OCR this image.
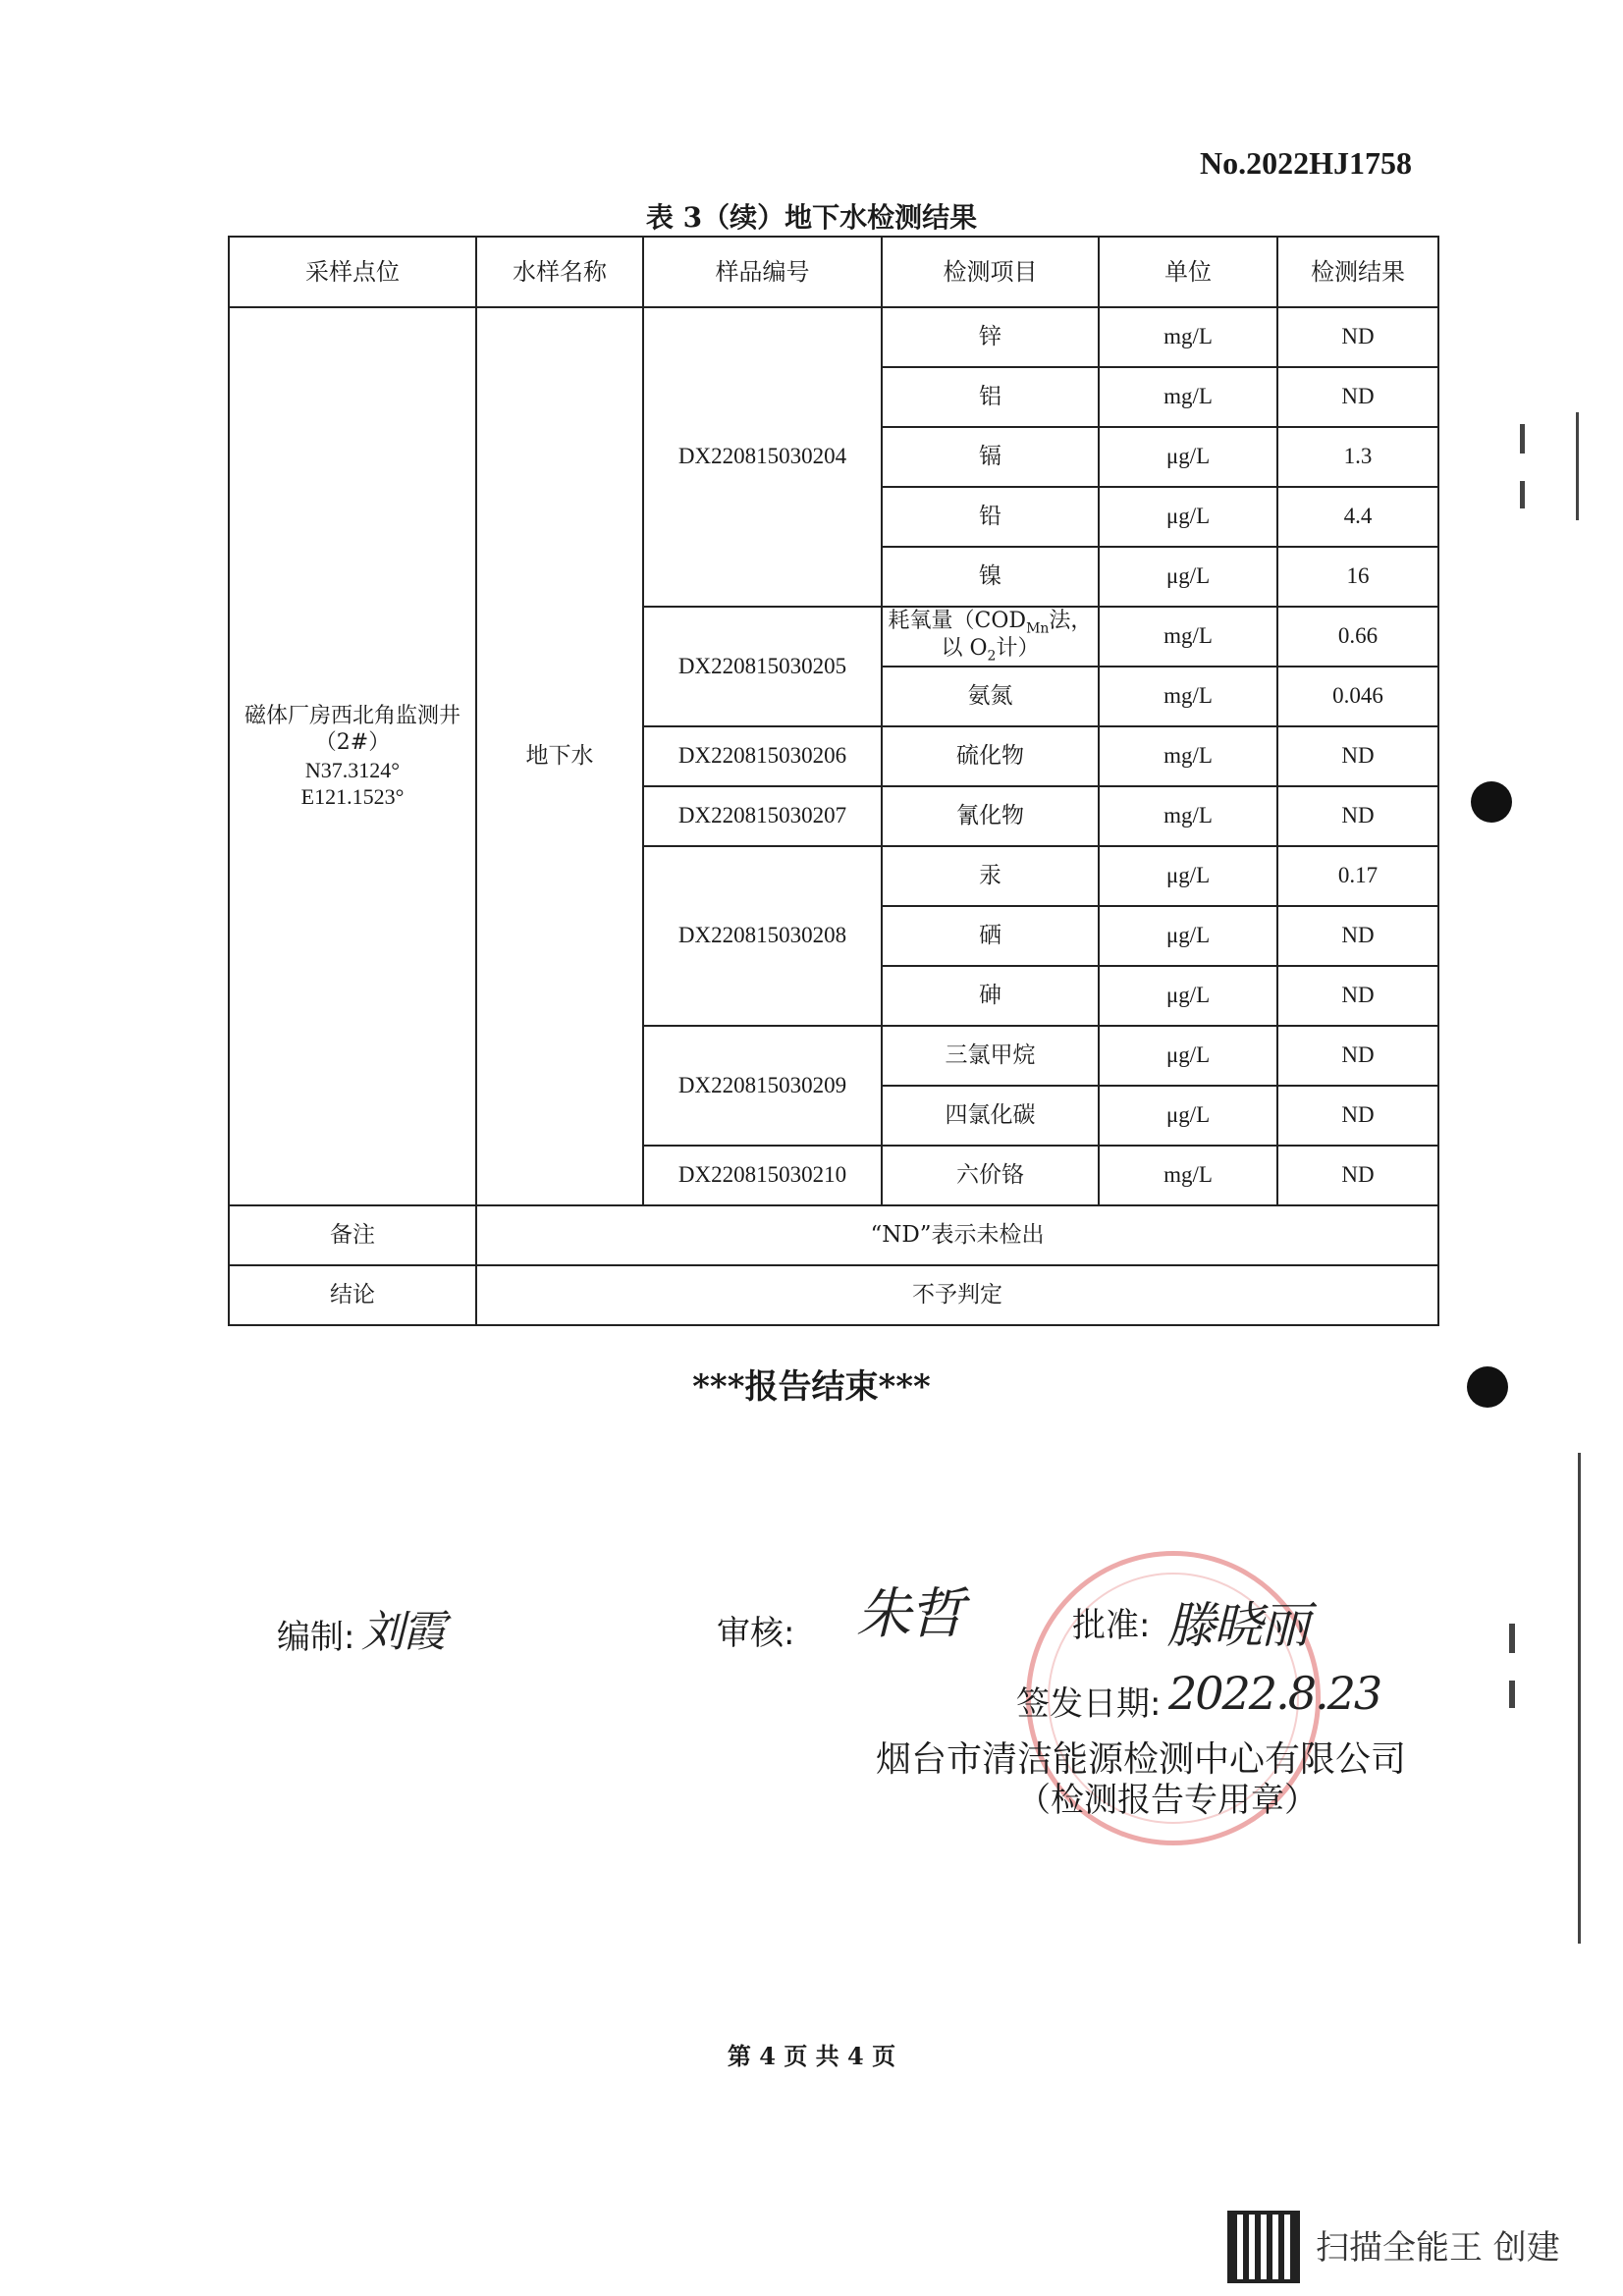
No.2022HJ1758
表 3（续）地下水检测结果
采样点位	水样名称	样品编号	检测项目	单位	检测结果

磁体厂房西北角监测井
（2#）
N37.3124°
E121.1523°	地下水	DX220815030204	锌	mg/L	ND
			铝	mg/L	ND
			镉	μg/L	1.3
			铅	μg/L	4.4
			镍	μg/L	16
		DX220815030205	耗氧量（$COD_{Mn}$法，
以 $O_2$计）	mg/L	0.66
			氨氮	mg/L	0.046
		DX220815030206	硫化物	mg/L	ND
		DX220815030207	氰化物	mg/L	ND
		DX220815030208	汞	μg/L	0.17
			硒	μg/L	ND
			砷	μg/L	ND
		DX220815030209	三氯甲烷	μg/L	ND
			四氯化碳	μg/L	ND
		DX220815030210	六价铬	mg/L	ND
备注	“ND”表示未检出				
结论	不予判定				
***报告结束***
编制: 刘霞	审核: 朱哲	批准: 滕晓丽
签发日期: 2022.8.23
烟台市清洁能源检测中心有限公司
（检测报告专用章）
第 4 页 共 4 页
扫描全能王 创建
